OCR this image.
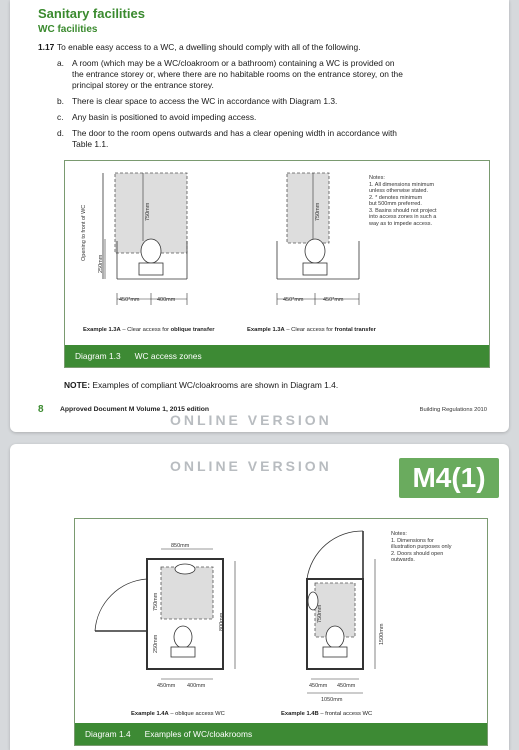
Sanitary facilities
WC facilities
1.17 To enable easy access to a WC, a dwelling should comply with all of the following.
a. A room (which may be a WC/cloakroom or a bathroom) containing a WC is provided on
the entrance storey or, where there are no habitable rooms on the entrance storey, on the
principal storey or the entrance storey.
b. There is clear space to access the WC in accordance with Diagram 1.3.
c. Any basin is positioned to avoid impeding access.
d. The door to the room opens outwards and has a clear opening width in accordance with
Table 1.1.
Opening to front of WC	750mm
250mm
750mm
450*mm	400mm	450*mm	450*mm
Notes:
1. All dimensions minimum
unless otherwise stated.
2. * denotes minimum
but 500mm preferred.
3. Basins should not project
into access zones in such a
way as to impede access.
Example 1.3A – Clear access for oblique transfer	Example 1.3A – Clear access for frontal transfer
Diagram 1.3 WC access zones
NOTE: Examples of compliant WC/cloakrooms are shown in Diagram 1.4.
8 Approved Document M Volume 1, 2015 edition
ONLINE VERSION
Building Regulations 2010
ONLINE VERSION	M4(1)
850mm
750mm
250mm
800mm
450mm 400mm
750mm
1500mm
450mm 450mm
1050mm
Notes:
1. Dimensions for
illustration purposes only
2. Doors should open
outwards.
Example 1.4A – oblique access WC	Example 1.4B – frontal access WC
Diagram 1.4 Examples of WC/cloakrooms
